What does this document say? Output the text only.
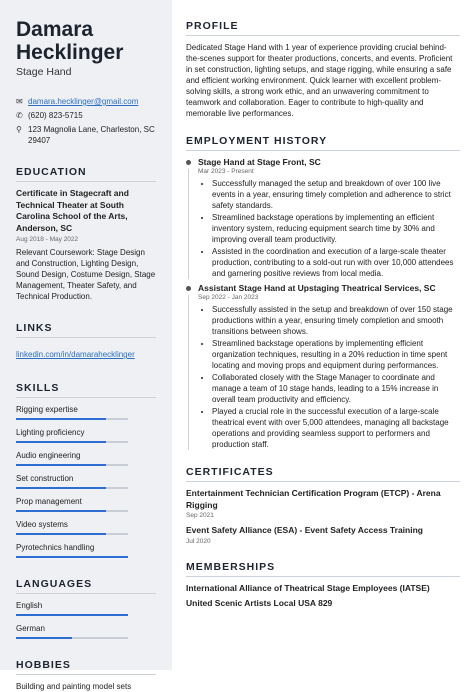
Damara
Hecklinger
Stage Hand
✉ damara.hecklinger@gmail.com
✆ (620) 823-5715
⚲ 123 Magnolia Lane, Charleston, SC 29407
EDUCATION
Certificate in Stagecraft and Technical Theater at South Carolina School of the Arts, Anderson, SC
Aug 2018 - May 2022
Relevant Coursework: Stage Design and Construction, Lighting Design, Sound Design, Costume Design, Stage Management, Theater Safety, and Technical Production.
LINKS
linkedin.com/in/damarahecklinger
SKILLS
Rigging expertise
Lighting proficiency
Audio engineering
Set construction
Prop management
Video systems
Pyrotechnics handling
LANGUAGES
English
German
HOBBIES
Building and painting model sets
PROFILE
Dedicated Stage Hand with 1 year of experience providing crucial behind-the-scenes support for theater productions, concerts, and events. Proficient in set construction, lighting setups, and stage rigging, while ensuring a safe and efficient working environment. Quick learner with excellent problem-solving skills, a strong work ethic, and an unwavering commitment to teamwork and collaboration. Eager to contribute to high-quality and memorable live performances.
EMPLOYMENT HISTORY
Stage Hand at Stage Front, SC
Mar 2023 - Present
• Successfully managed the setup and breakdown of over 100 live events in a year, ensuring timely completion and adherence to strict safety standards.
• Streamlined backstage operations by implementing an efficient inventory system, reducing equipment search time by 30% and improving overall team productivity.
• Assisted in the coordination and execution of a large-scale theater production, contributing to a sold-out run with over 10,000 attendees and garnering positive reviews from local media.
Assistant Stage Hand at Upstaging Theatrical Services, SC
Sep 2022 - Jan 2023
• Successfully assisted in the setup and breakdown of over 150 stage productions within a year, ensuring timely completion and smooth transitions between shows.
• Streamlined backstage operations by implementing efficient organization techniques, resulting in a 20% reduction in time spent locating and moving props and equipment during performances.
• Collaborated closely with the Stage Manager to coordinate and manage a team of 10 stage hands, leading to a 15% increase in overall team productivity and efficiency.
• Played a crucial role in the successful execution of a large-scale theatrical event with over 5,000 attendees, managing all backstage operations and providing seamless support to performers and production staff.
CERTIFICATES
Entertainment Technician Certification Program (ETCP) - Arena Rigging
Sep 2021
Event Safety Alliance (ESA) - Event Safety Access Training
Jul 2020
MEMBERSHIPS
International Alliance of Theatrical Stage Employees (IATSE)
United Scenic Artists Local USA 829
